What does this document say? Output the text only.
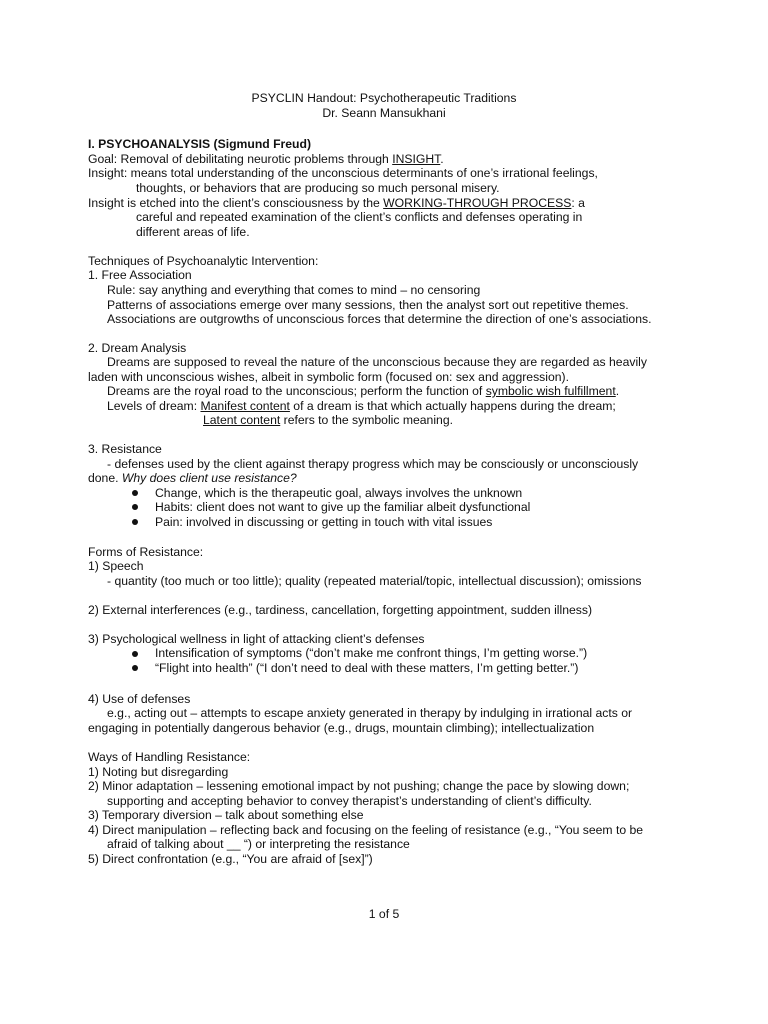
PSYCLIN Handout: Psychotherapeutic Traditions
Dr. Seann Mansukhani
I. PSYCHOANALYSIS (Sigmund Freud)
Goal: Removal of debilitating neurotic problems through INSIGHT.
Insight: means total understanding of the unconscious determinants of one’s irrational feelings,
thoughts, or behaviors that are producing so much personal misery.
Insight is etched into the client’s consciousness by the WORKING-THROUGH PROCESS: a
careful and repeated examination of the client’s conflicts and defenses operating in
different areas of life.
Techniques of Psychoanalytic Intervention:
1. Free Association
Rule: say anything and everything that comes to mind – no censoring
Patterns of associations emerge over many sessions, then the analyst sort out repetitive themes.
Associations are outgrowths of unconscious forces that determine the direction of one’s associations.
2. Dream Analysis
Dreams are supposed to reveal the nature of the unconscious because they are regarded as heavily
laden with unconscious wishes, albeit in symbolic form (focused on: sex and aggression).
Dreams are the royal road to the unconscious; perform the function of symbolic wish fulfillment.
Levels of dream: Manifest content of a dream is that which actually happens during the dream;
Latent content refers to the symbolic meaning.
3. Resistance
- defenses used by the client against therapy progress which may be consciously or unconsciously
done. Why does client use resistance?
Change, which is the therapeutic goal, always involves the unknown
Habits: client does not want to give up the familiar albeit dysfunctional
Pain: involved in discussing or getting in touch with vital issues
Forms of Resistance:
1) Speech
- quantity (too much or too little); quality (repeated material/topic, intellectual discussion); omissions
2) External interferences (e.g., tardiness, cancellation, forgetting appointment, sudden illness)
3) Psychological wellness in light of attacking client’s defenses
Intensification of symptoms (“don’t make me confront things, I’m getting worse.”)
“Flight into health” (“I don’t need to deal with these matters, I’m getting better.”)
4) Use of defenses
e.g., acting out – attempts to escape anxiety generated in therapy by indulging in irrational acts or
engaging in potentially dangerous behavior (e.g., drugs, mountain climbing); intellectualization
Ways of Handling Resistance:
1) Noting but disregarding
2) Minor adaptation – lessening emotional impact by not pushing; change the pace by slowing down;
supporting and accepting behavior to convey therapist’s understanding of client’s difficulty.
3) Temporary diversion – talk about something else
4) Direct manipulation – reflecting back and focusing on the feeling of resistance (e.g., “You seem to be
afraid of talking about __ “) or interpreting the resistance
5) Direct confrontation (e.g., “You are afraid of [sex]”)
1 of 5
